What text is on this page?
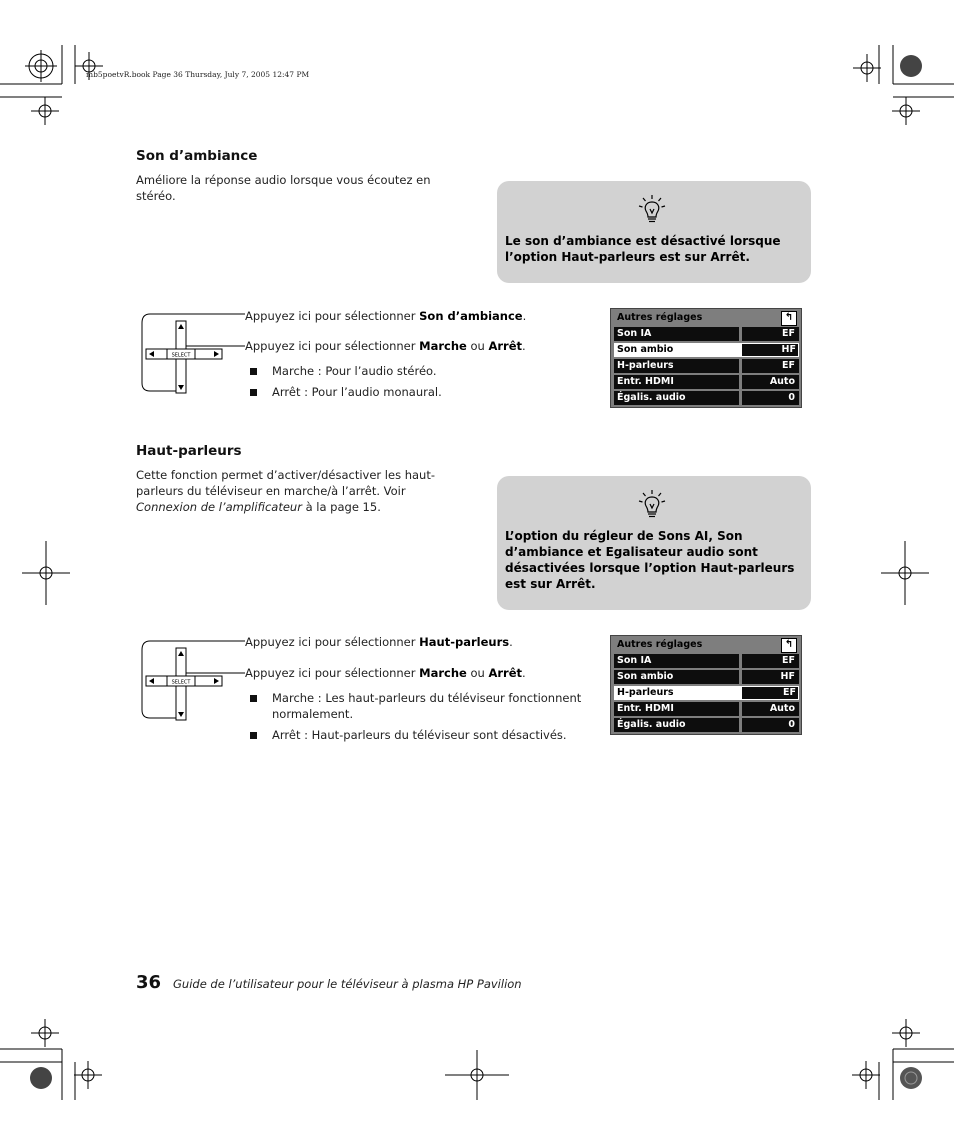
mb5poetvR.book Page 36 Thursday, July 7, 2005 12:47 PM
Son d’ambiance
Améliore la réponse audio lorsque vous écoutez en
stéréo.
Le son d’ambiance est désactivé lorsque
l’option Haut-parleurs est sur Arrêt.
SELECT
Appuyez ici pour sélectionner Son d’ambiance.
Appuyez ici pour sélectionner Marche ou Arrêt.
Marche : Pour l’audio stéréo.
Arrêt : Pour l’audio monaural.
Autres réglages	↰
Son IA	EF
Son ambio	HF
H-parleurs	EF
Entr. HDMI	Auto
Égalis. audio	0
Haut-parleurs
Cette fonction permet d’activer/désactiver les haut-
parleurs du téléviseur en marche/à l’arrêt. Voir
Connexion de l’amplificateur à la page 15.
L’option du régleur de Sons AI, Son
d’ambiance et Egalisateur audio sont
désactivées lorsque l’option Haut-parleurs
est sur Arrêt.
SELECT
Appuyez ici pour sélectionner Haut-parleurs.
Appuyez ici pour sélectionner Marche ou Arrêt.
Marche : Les haut-parleurs du téléviseur fonctionnent
normalement.
Arrêt : Haut-parleurs du téléviseur sont désactivés.
Autres réglages	↰
Son IA	EF
Son ambio	HF
H-parleurs	EF
Entr. HDMI	Auto
Égalis. audio	0
36 Guide de l’utilisateur pour le téléviseur à plasma HP Pavilion
